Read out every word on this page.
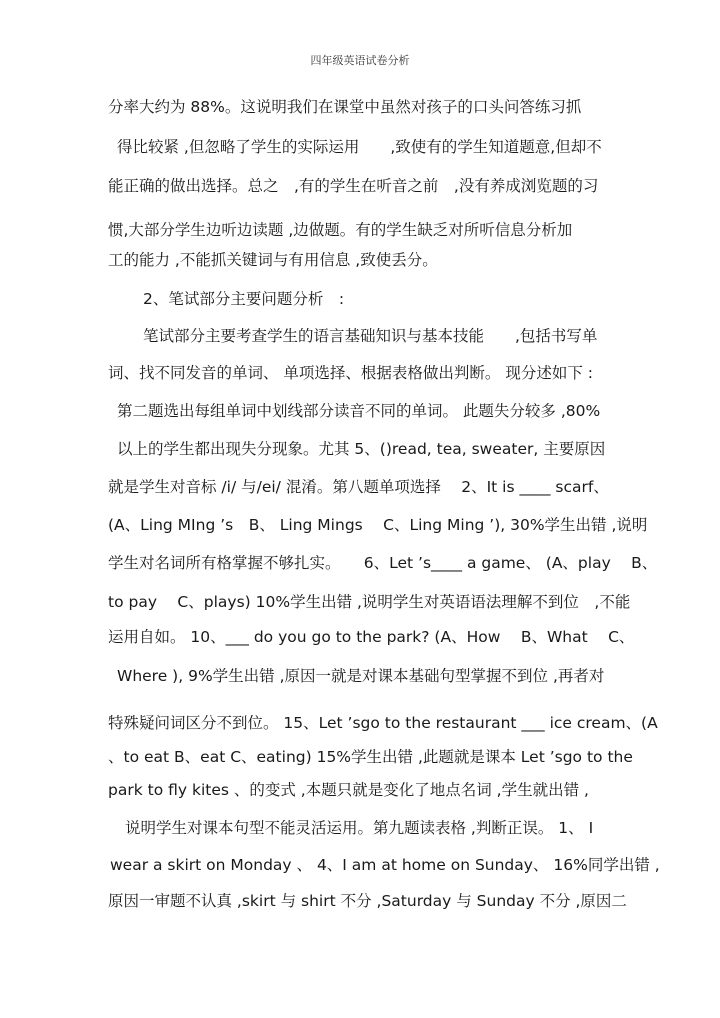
四年级英语试卷分析
分率大约为 88%。这说明我们在课堂中虽然对孩子的口头问答练习抓
得比较紧 ,但忽略了学生的实际运用　　,致使有的学生知道题意,但却不
能正确的做出选择。总之　,有的学生在听音之前　,没有养成浏览题的习
惯,大部分学生边听边读题 ,边做题。有的学生缺乏对所听信息分析加
工的能力 ,不能抓关键词与有用信息 ,致使丢分。
2、笔试部分主要问题分析　:
笔试部分主要考查学生的语言基础知识与基本技能　　,包括书写单
词、找不同发音的单词、 单项选择、根据表格做出判断。 现分述如下 :
第二题选出每组单词中划线部分读音不同的单词。 此题失分较多 ,80%
以上的学生都出现失分现象。尤其 5、()read, tea, sweater, 主要原因
就是学生对音标 /i/ 与/ei/ 混淆。第八题单项选择　 2、It is ____ scarf、
(A、Ling MIng ’s　B、 Ling Mings　 C、Ling Ming ’), 30%学生出错 ,说明
学生对名词所有格掌握不够扎实。　　6、Let ’s____ a game、 (A、play　 B、
to pay　 C、plays) 10%学生出错 ,说明学生对英语语法理解不到位　,不能
运用自如。 10、___ do you go to the park? (A、How　 B、What　 C、
Where ), 9%学生出错 ,原因一就是对课本基础句型掌握不到位 ,再者对
特殊疑问词区分不到位。 15、Let ’sgo to the restaurant ___ ice cream、(A
、to eat B、eat C、eating) 15%学生出错 ,此题就是课本 Let ’sgo to the
park to fly kites 、的变式 ,本题只就是变化了地点名词 ,学生就出错 ,
说明学生对课本句型不能灵活运用。第九题读表格 ,判断正误。 1、 I
wear a skirt on Monday 、 4、I am at home on Sunday、 16%同学出错 ,
原因一审题不认真 ,skirt 与 shirt 不分 ,Saturday 与 Sunday 不分 ,原因二
